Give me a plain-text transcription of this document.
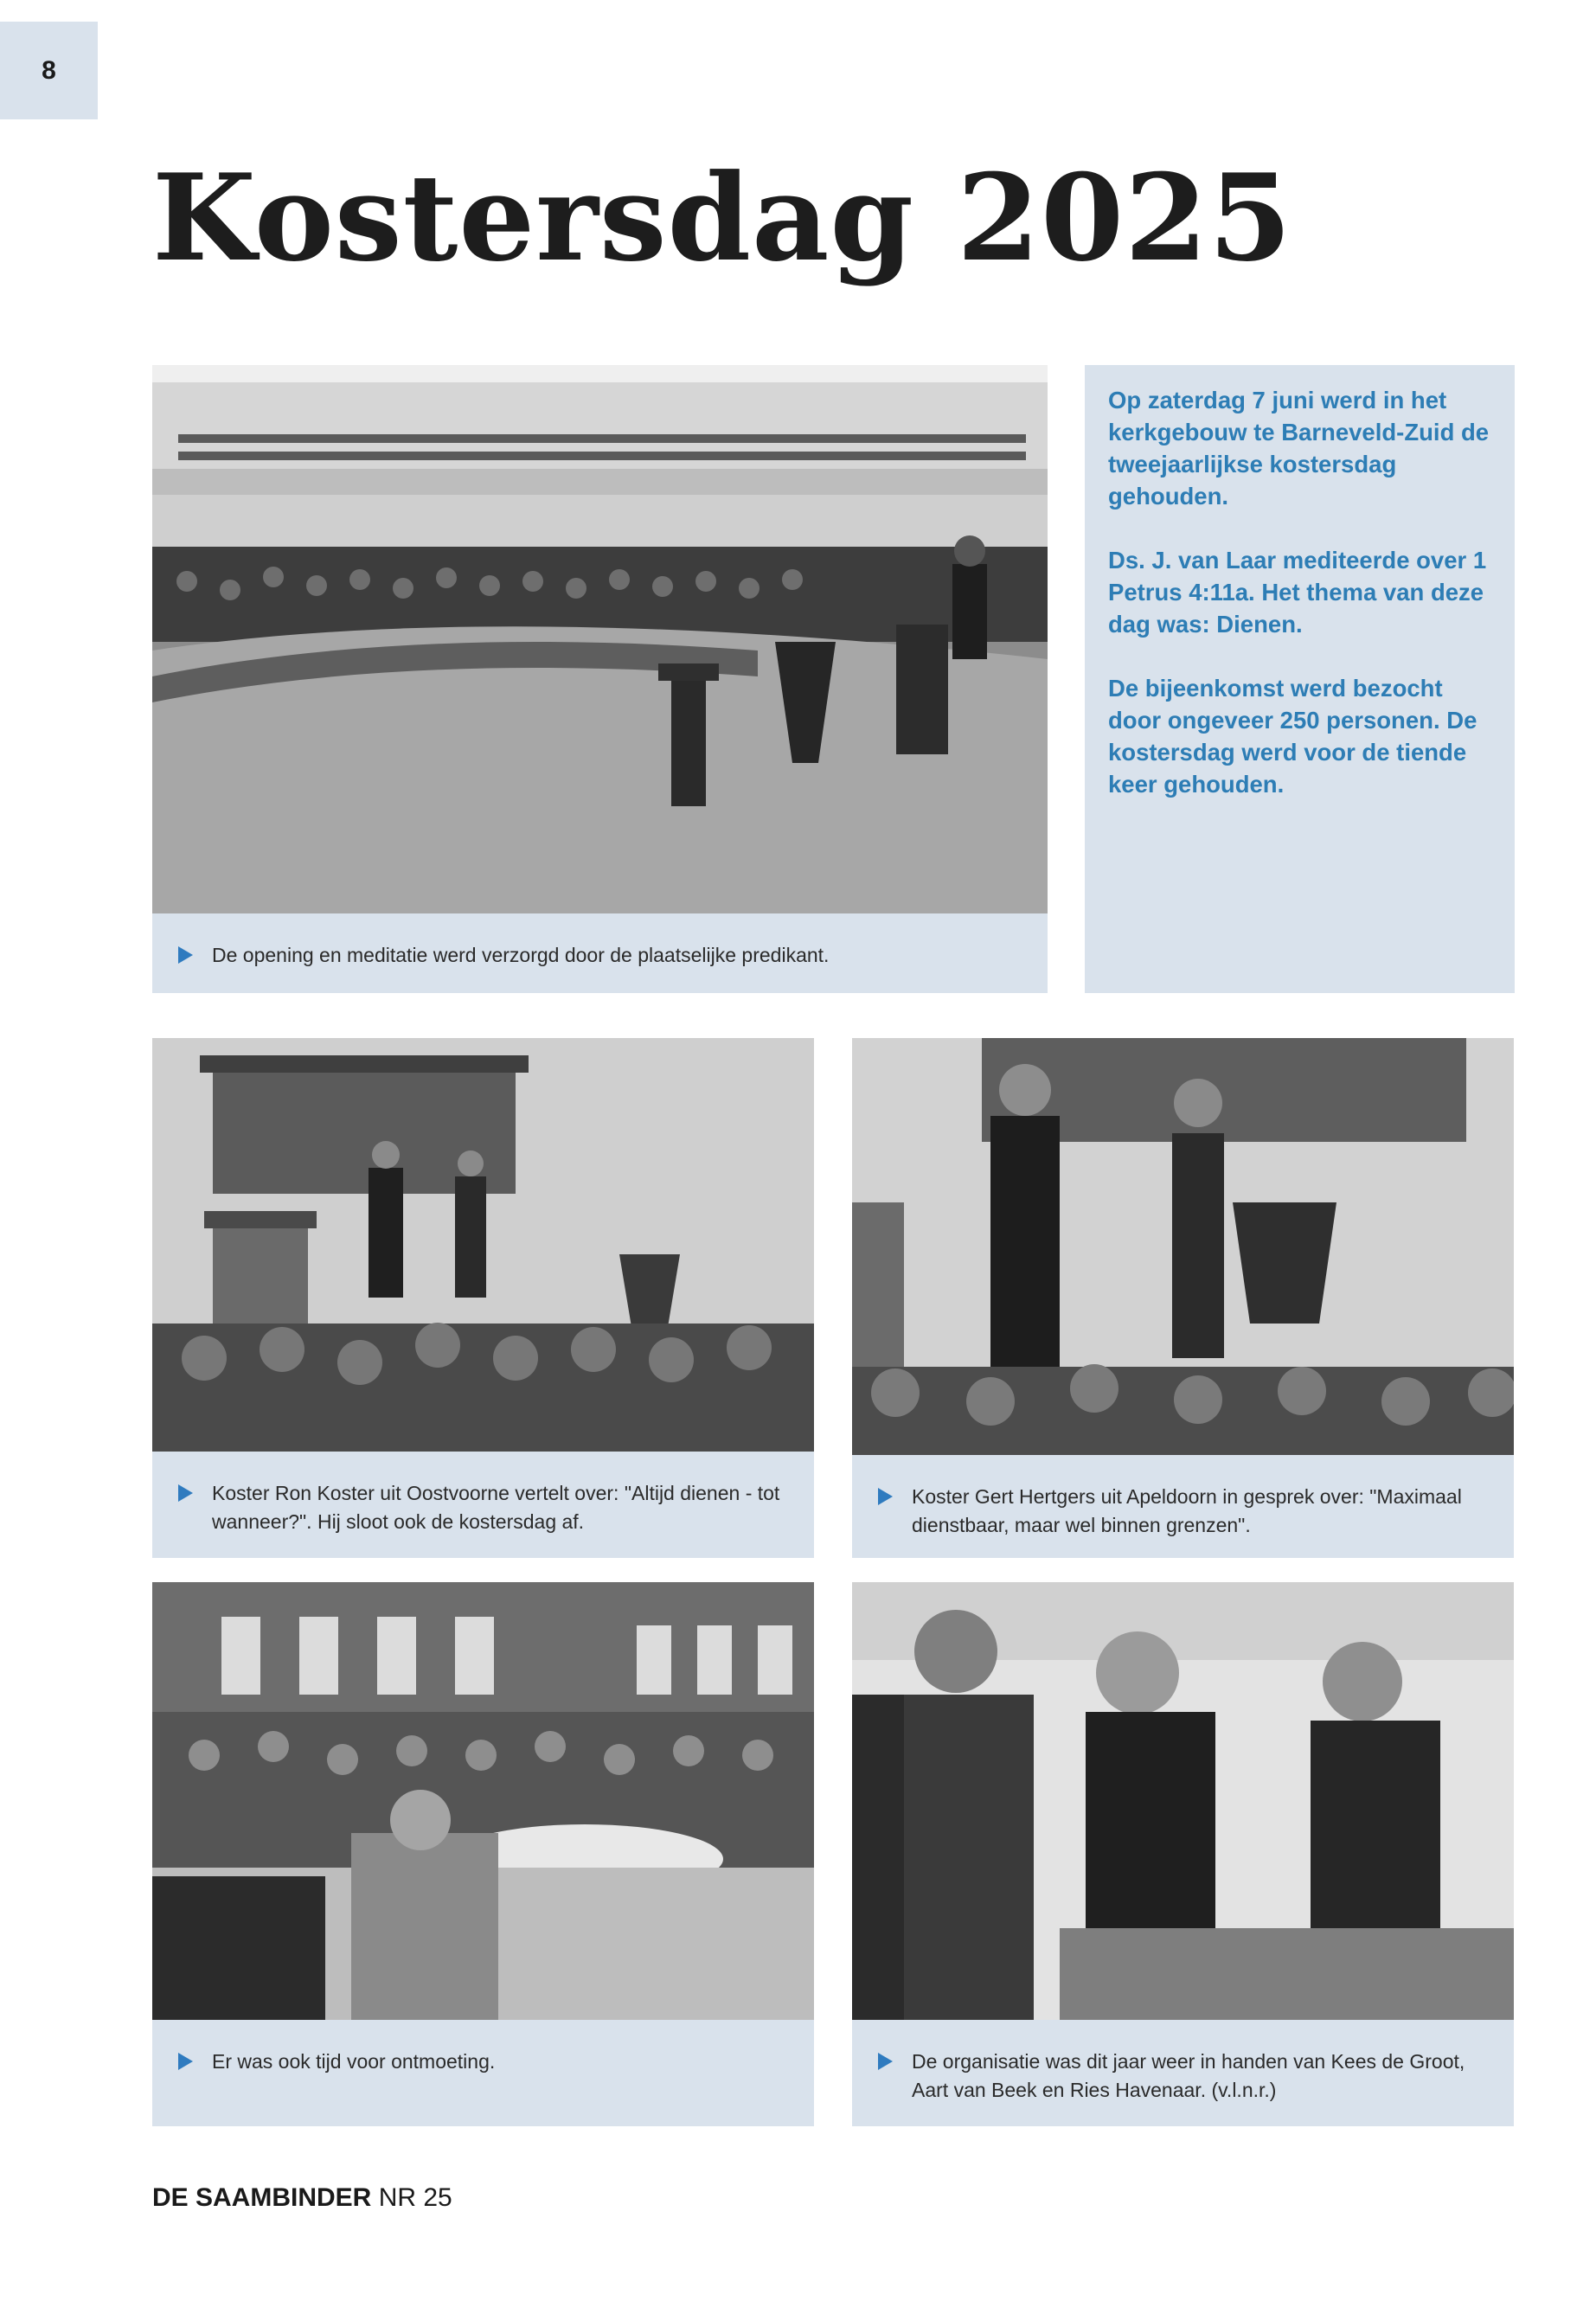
8
Kostersdag 2025
De opening en meditatie werd verzorgd door de plaatselijke predikant.

Op zaterdag 7 juni werd in het kerkgebouw te Barneveld-Zuid de tweejaarlijkse kostersdag gehouden.

Ds. J. van Laar mediteerde over 1 Petrus 4:11a. Het thema van deze dag was: Dienen.

De bijeenkomst werd bezocht door ongeveer 250 personen. De kostersdag werd voor de tiende keer gehouden.

Koster Ron Koster uit Oostvoorne vertelt over: "Altijd dienen - tot wanneer?". Hij sloot ook de kostersdag af.
Koster Gert Hertgers uit Apeldoorn in gesprek over: "Maximaal dienstbaar, maar wel binnen grenzen".
Er was ook tijd voor ontmoeting.	De organisatie was dit jaar weer in handen van Kees de Groot, Aart van Beek en Ries Havenaar. (v.l.n.r.)
DE SAAMBINDER NR 25
